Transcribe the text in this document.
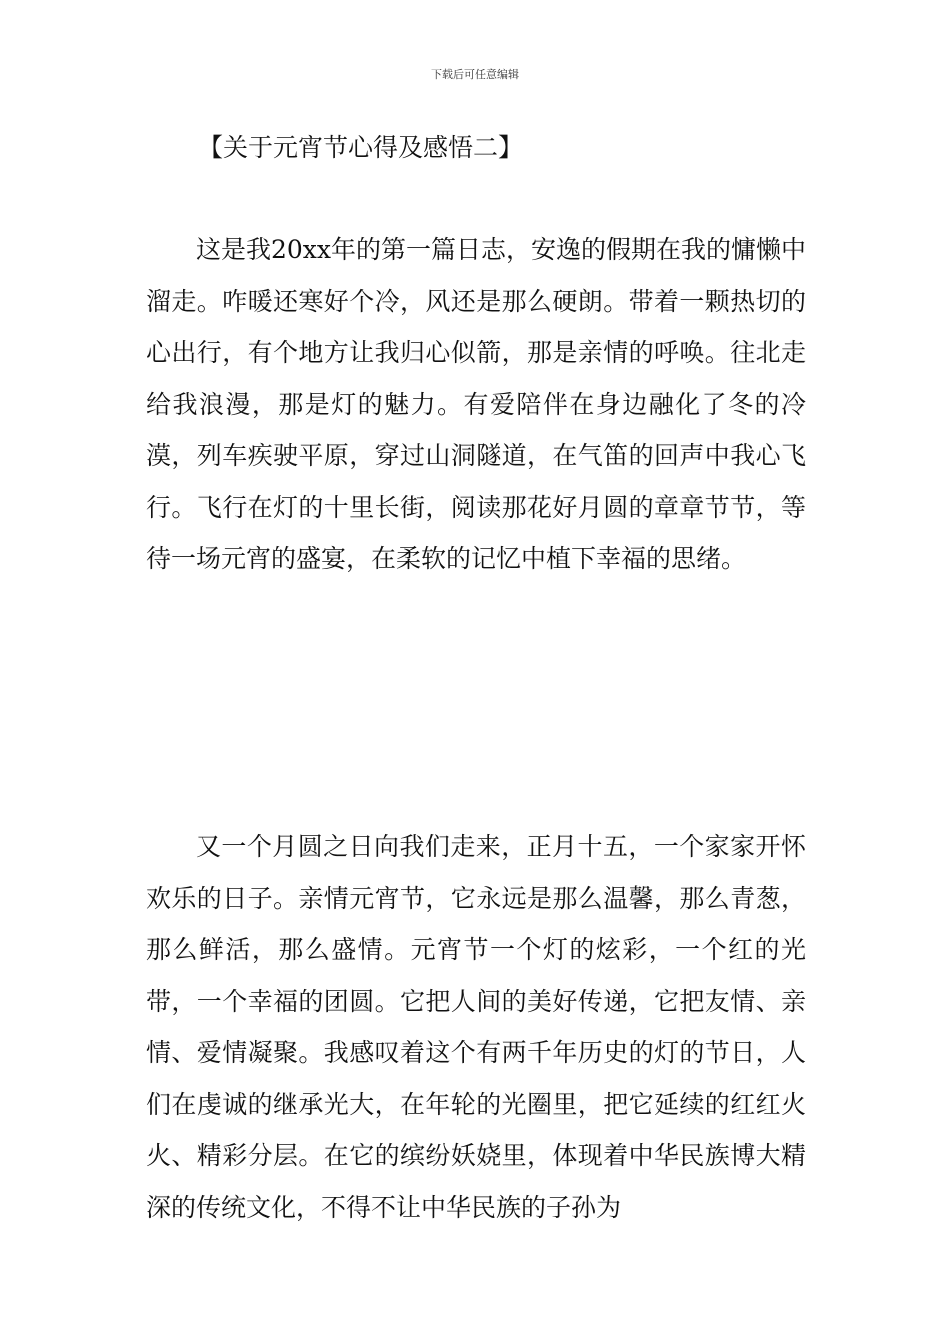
下载后可任意编辑
【关于元宵节心得及感悟二】

这是我20xx年的第一篇日志，安逸的假期在我的慵懒中溜走。咋暖还寒好个冷，风还是那么硬朗。带着一颗热切的心出行，有个地方让我归心似箭，那是亲情的呼唤。往北走给我浪漫，那是灯的魅力。有爱陪伴在身边融化了冬的冷漠，列车疾驶平原，穿过山洞隧道，在气笛的回声中我心飞行。飞行在灯的十里长街，阅读那花好月圆的章章节节，等待一场元宵的盛宴，在柔软的记忆中植下幸福的思绪。

又一个月圆之日向我们走来，正月十五，一个家家开怀欢乐的日子。亲情元宵节，它永远是那么温馨，那么青葱，那么鲜活，那么盛情。元宵节一个灯的炫彩，一个红的光带，一个幸福的团圆。它把人间的美好传递，它把友情、亲情、爱情凝聚。我感叹着这个有两千年历史的灯的节日，人们在虔诚的继承光大，在年轮的光圈里，把它延续的红红火火、精彩分层。在它的缤纷妖娆里，体现着中华民族博大精深的传统文化，不得不让中华民族的子孙为
